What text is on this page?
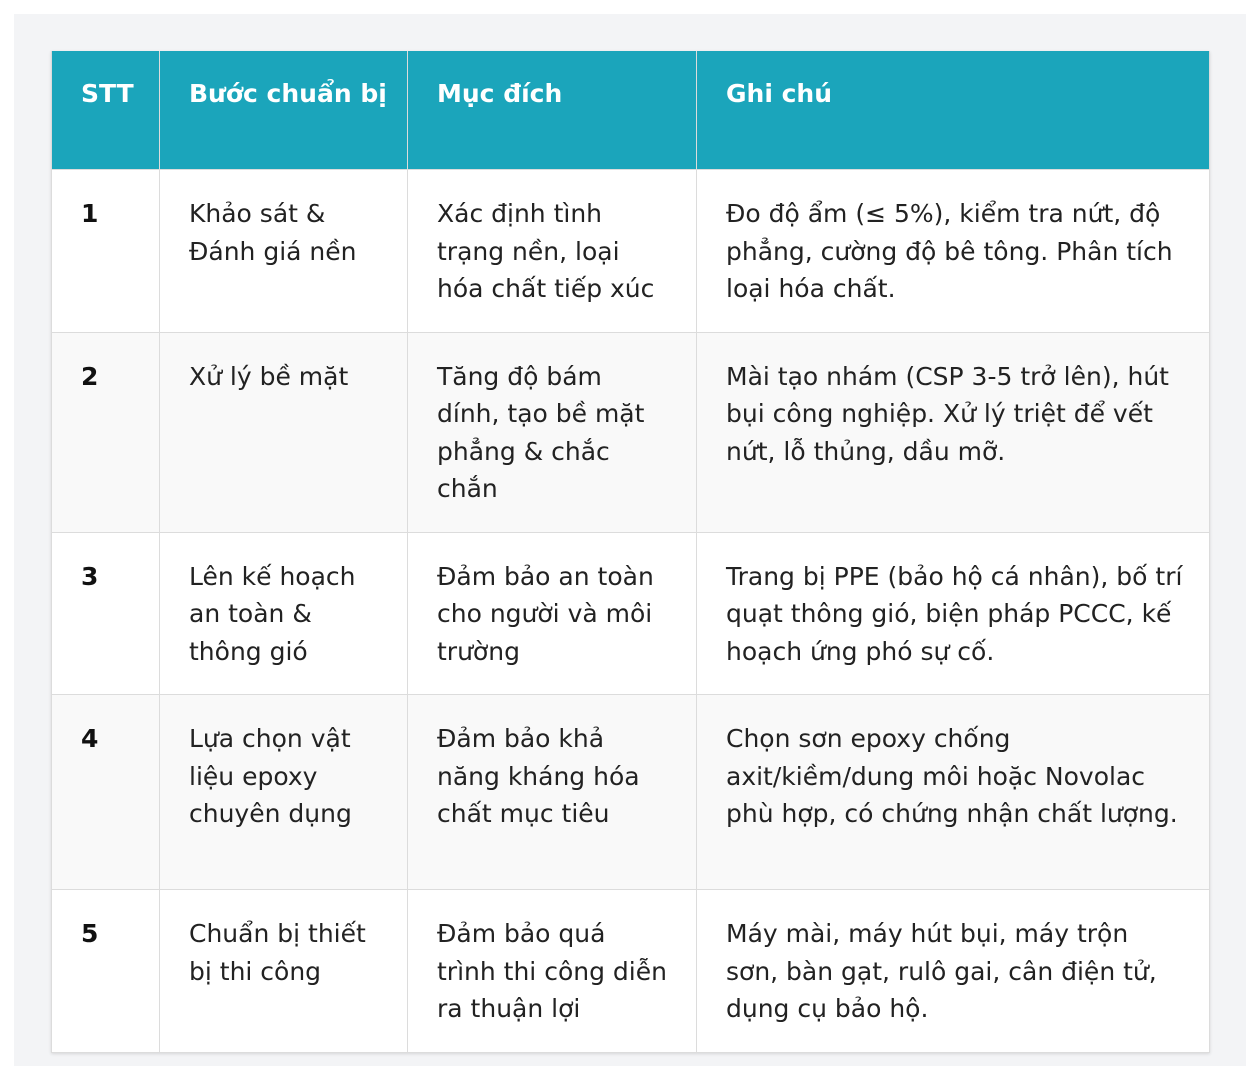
STT	Bước chuẩn bị	Mục đích	Ghi chú
1	Khảo sát & Đánh giá nền	Xác định tình trạng nền, loại hóa chất tiếp xúc	Đo độ ẩm (≤ 5%), kiểm tra nứt, độ phẳng, cường độ bê tông. Phân tích loại hóa chất.
2	Xử lý bề mặt	Tăng độ bám dính, tạo bề mặt phẳng & chắc chắn	Mài tạo nhám (CSP 3-5 trở lên), hút bụi công nghiệp. Xử lý triệt để vết nứt, lỗ thủng, dầu mỡ.
3	Lên kế hoạch an toàn & thông gió	Đảm bảo an toàn cho người và môi trường	Trang bị PPE (bảo hộ cá nhân), bố trí quạt thông gió, biện pháp PCCC, kế hoạch ứng phó sự cố.
4	Lựa chọn vật liệu epoxy chuyên dụng	Đảm bảo khả năng kháng hóa chất mục tiêu	Chọn sơn epoxy chống axit/kiềm/dung môi hoặc Novolac phù hợp, có chứng nhận chất lượng.
5	Chuẩn bị thiết bị thi công	Đảm bảo quá trình thi công diễn ra thuận lợi	Máy mài, máy hút bụi, máy trộn sơn, bàn gạt, rulô gai, cân điện tử, dụng cụ bảo hộ.
